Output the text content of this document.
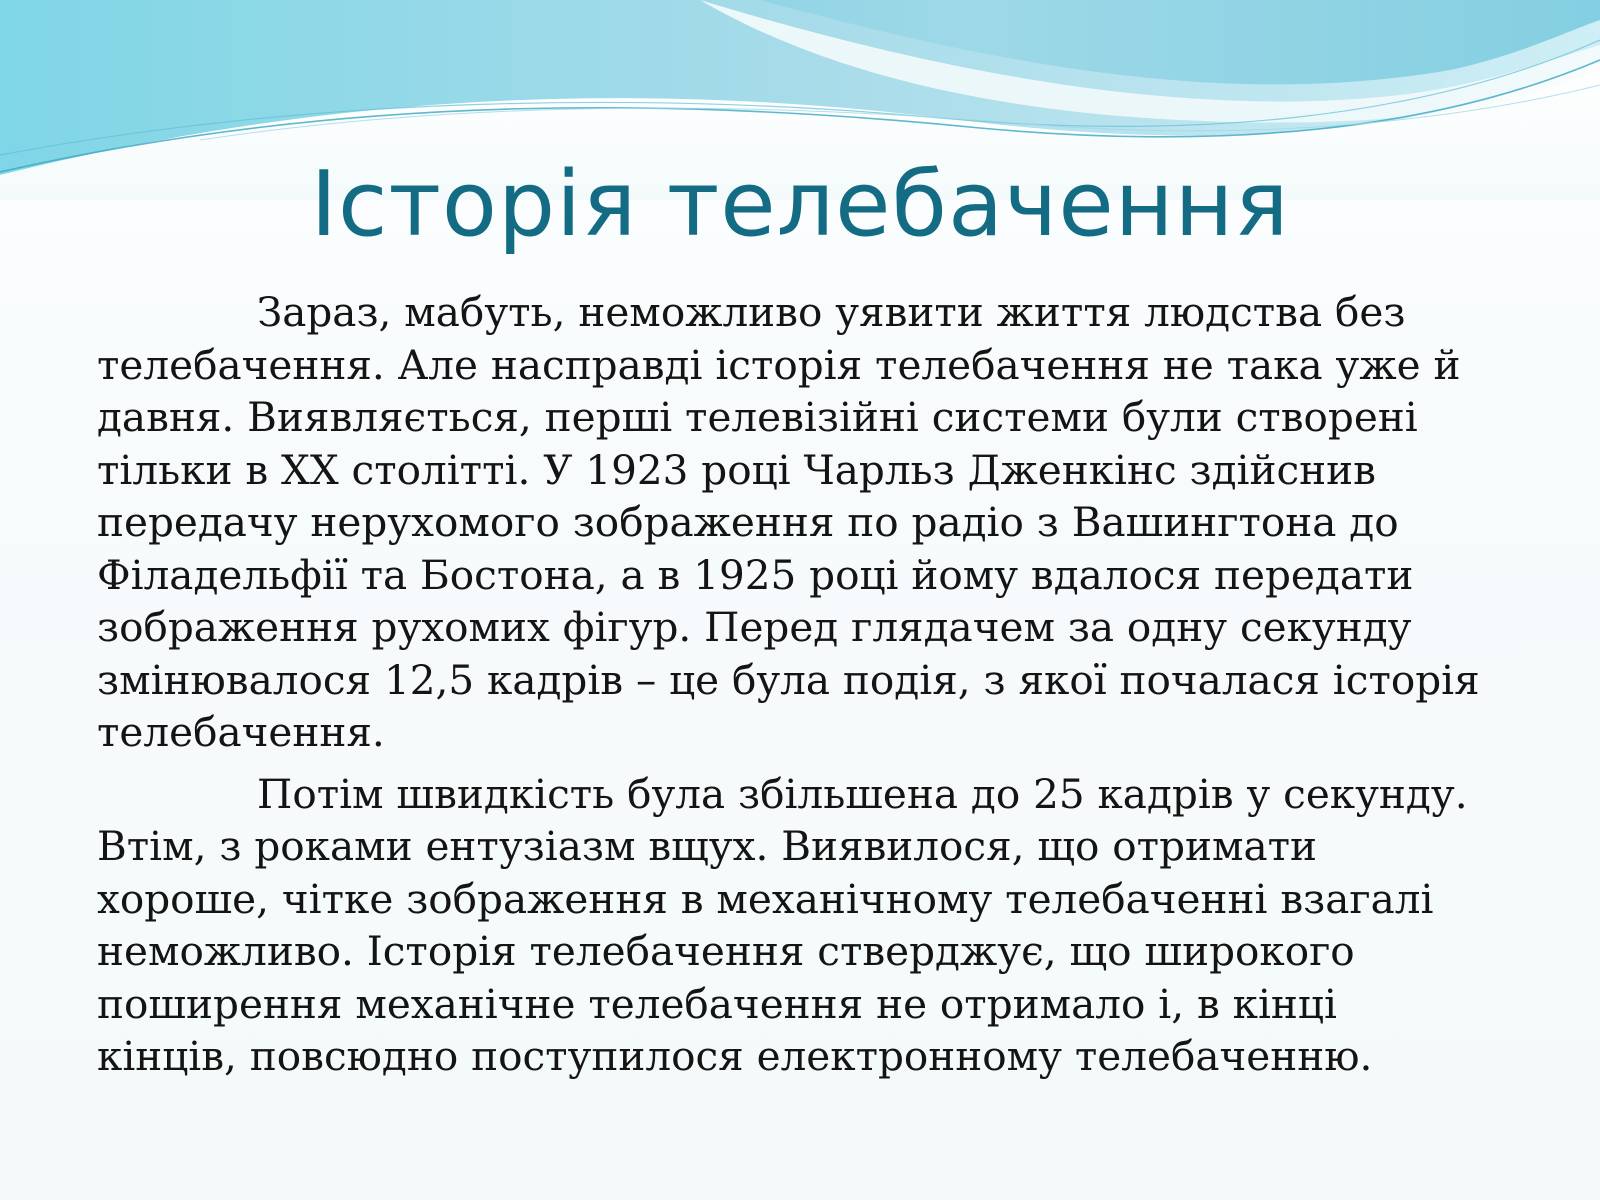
Історія телебачення

Зараз, мабуть, неможливо уявити життя людства без телебачення. Але насправді історія телебачення не така уже й давня. Виявляється, перші телевізійні системи були створені тільки в ХХ столітті. У 1923 році Чарльз Дженкінс здійснив передачу нерухомого зображення по радіо з Вашингтона до Філадельфії та Бостона, а в 1925 році йому вдалося передати зображення рухомих фігур. Перед глядачем за одну секунду змінювалося 12,5 кадрів – це була подія, з якої почалася історія телебачення.

Потім швидкість була збільшена до 25 кадрів у секунду. Втім, з роками ентузіазм вщух. Виявилося, що отримати хороше, чітке зображення в механічному телебаченні взагалі неможливо. Історія телебачення стверджує, що широкого поширення механічне телебачення не отримало і, в кінці кінців, повсюдно поступилося електронному телебаченню.
